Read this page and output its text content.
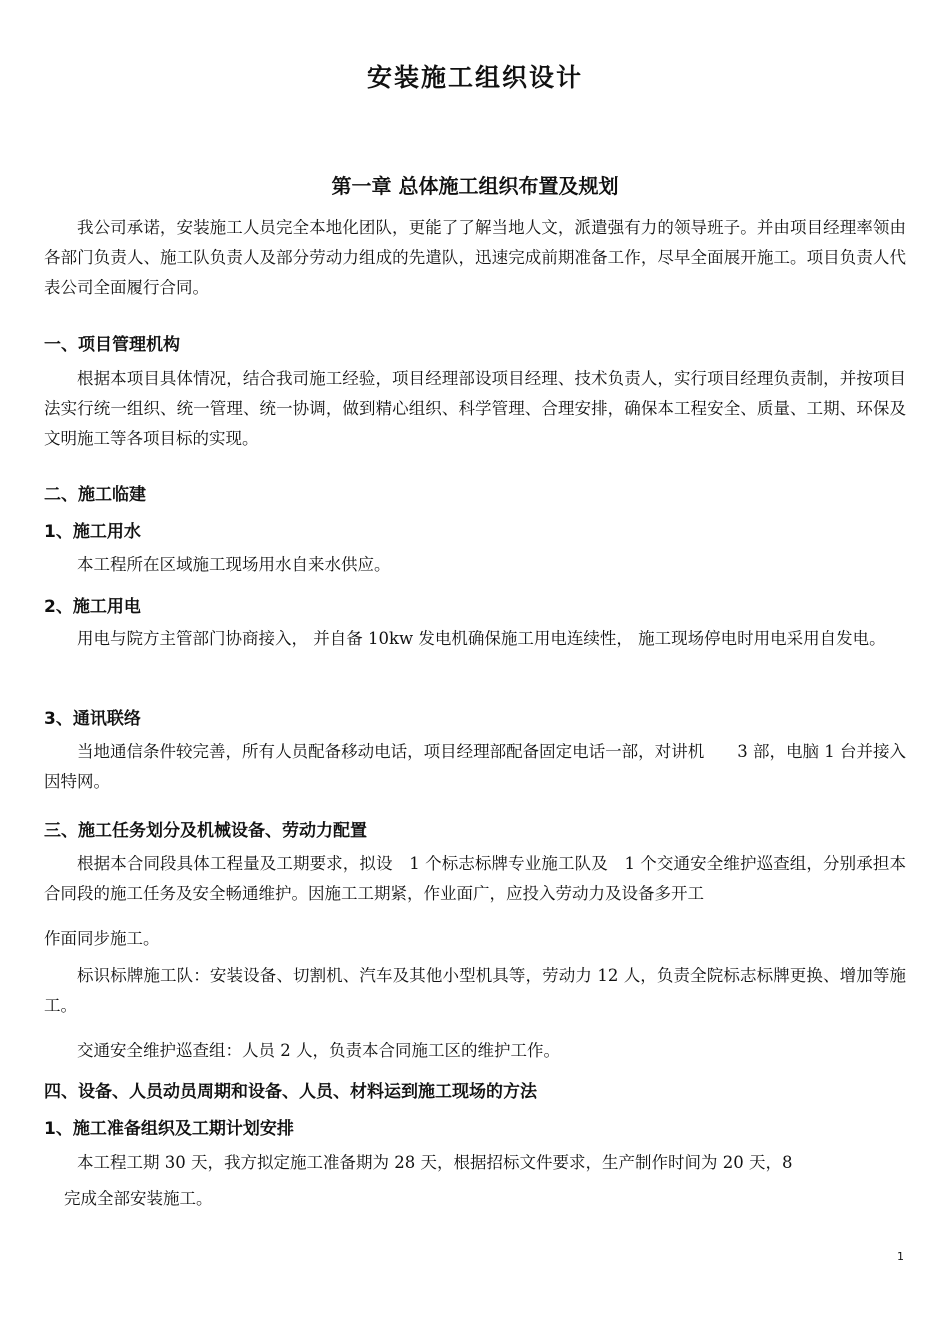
安装施工组织设计
第一章 总体施工组织布置及规划

我公司承诺，安装施工人员完全本地化团队，更能了了解当地人文，派遣强有力的领导班子。并由项目经理率领由各部门负责人、施工队负责人及部分劳动力组成的先遣队，迅速完成前期准备工作，尽早全面展开施工。项目负责人代表公司全面履行合同。

一、项目管理机构

根据本项目具体情况，结合我司施工经验，项目经理部设项目经理、技术负责人，实行项目经理负责制，并按项目法实行统一组织、统一管理、统一协调，做到精心组织、科学管理、合理安排，确保本工程安全、质量、工期、环保及文明施工等各项目标的实现。

二、施工临建
1、施工用水

本工程所在区域施工现场用水自来水供应。

2、施工用电

用电与院方主管部门协商接入， 并自备 10kw 发电机确保施工用电连续性， 施工现场停电时用电采用自发电。

3、通讯联络

当地通信条件较完善，所有人员配备移动电话，项目经理部配备固定电话一部，对讲机　　3 部，电脑 1 台并接入因特网。

三、施工任务划分及机械设备、劳动力配置

根据本合同段具体工程量及工期要求，拟设　1 个标志标牌专业施工队及　1 个交通安全维护巡查组，分别承担本合同段的施工任务及安全畅通维护。因施工工期紧，作业面广，应投入劳动力及设备多开工

作面同步施工。

标识标牌施工队：安装设备、切割机、汽车及其他小型机具等，劳动力 12 人，负责全院标志标牌更换、增加等施工。

交通安全维护巡查组：人员 2 人，负责本合同施工区的维护工作。

四、设备、人员动员周期和设备、人员、材料运到施工现场的方法
1、施工准备组织及工期计划安排

本工程工期 30 天，我方拟定施工准备期为 28 天，根据招标文件要求，生产制作时间为 20 天，8

完成全部安装施工。

1
